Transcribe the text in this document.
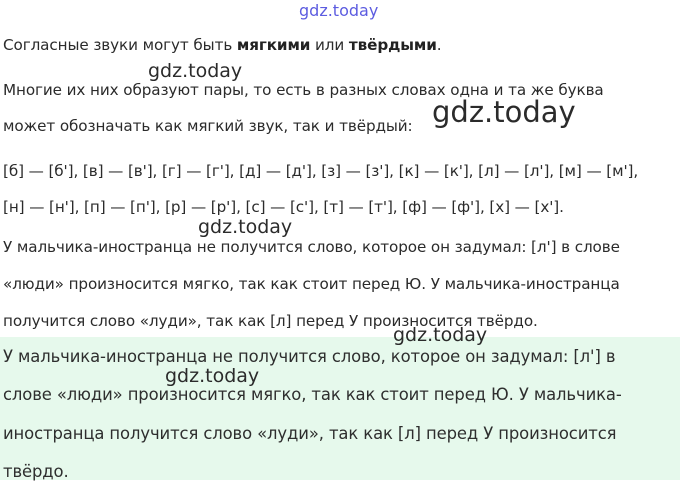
Согласные звуки могут быть мягкими или твёрдыми.

Многие их них образуют пары, то есть в разных словах одна и та же буква

может обозначать как мягкий звук, так и твёрдый:

[б] — [б'], [в] — [в'], [г] — [г'], [д] — [д'], [з] — [з'], [к] — [к'], [л] — [л'], [м] — [м'],

[н] — [н'], [п] — [п'], [р] — [р'], [с] — [с'], [т] — [т'], [ф] — [ф'], [х] — [х'].

У мальчика-иностранца не получится слово, которое он задумал: [л'] в слове

«люди» произносится мягко, так как стоит перед Ю. У мальчика-иностранца

получится слово «луди», так как [л] перед У произносится твёрдо.

У мальчика-иностранца не получится слово, которое он задумал: [л'] в

слове «люди» произносится мягко, так как стоит перед Ю. У мальчика-

иностранца получится слово «луди», так как [л] перед У произносится

твёрдо.

gdz.today
gdz.today
gdz.today
gdz.today
gdz.today
gdz.today
